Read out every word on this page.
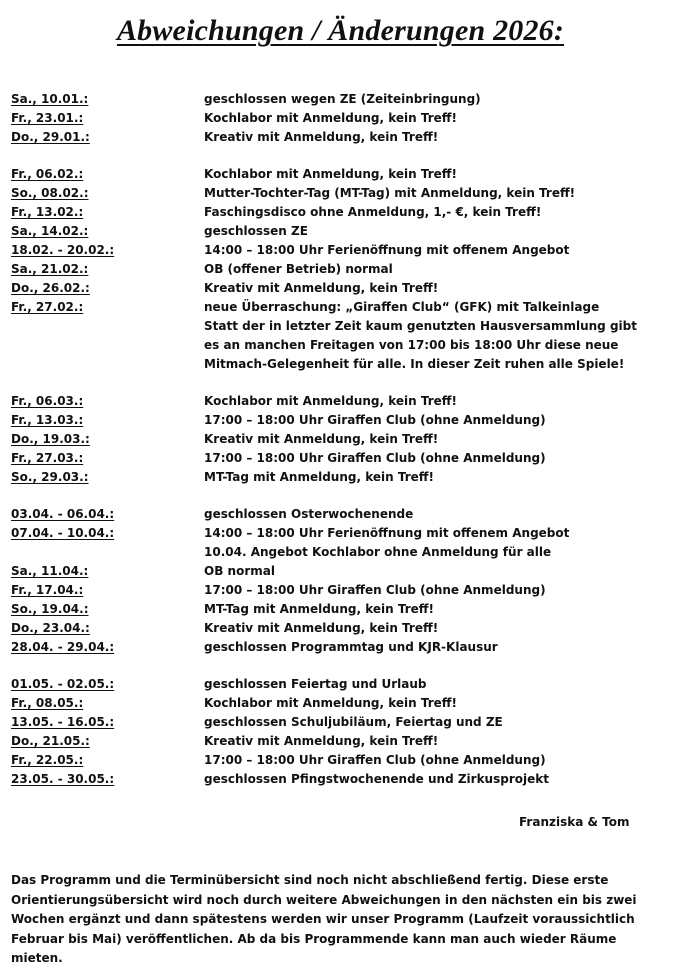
Abweichungen / Änderungen 2026:
Sa., 10.01.:	geschlossen wegen ZE (Zeiteinbringung)
Fr., 23.01.:	Kochlabor mit Anmeldung, kein Treff!
Do., 29.01.:	Kreativ mit Anmeldung, kein Treff!
Fr., 06.02.:	Kochlabor mit Anmeldung, kein Treff!
So., 08.02.:	Mutter-Tochter-Tag (MT-Tag) mit Anmeldung, kein Treff!
Fr., 13.02.:	Faschingsdisco ohne Anmeldung, 1,- €, kein Treff!
Sa., 14.02.:	geschlossen ZE
18.02. - 20.02.:	14:00 – 18:00 Uhr Ferienöffnung mit offenem Angebot
Sa., 21.02.:	OB (offener Betrieb) normal
Do., 26.02.:	Kreativ mit Anmeldung, kein Treff!
Fr., 27.02.:	neue Überraschung: „Giraffen Club“ (GFK) mit Talkeinlage
Statt der in letzter Zeit kaum genutzten Hausversammlung gibt
es an manchen Freitagen von 17:00 bis 18:00 Uhr diese neue
Mitmach-Gelegenheit für alle. In dieser Zeit ruhen alle Spiele!
Fr., 06.03.:	Kochlabor mit Anmeldung, kein Treff!
Fr., 13.03.:	17:00 – 18:00 Uhr Giraffen Club (ohne Anmeldung)
Do., 19.03.:	Kreativ mit Anmeldung, kein Treff!
Fr., 27.03.:	17:00 – 18:00 Uhr Giraffen Club (ohne Anmeldung)
So., 29.03.:	MT-Tag mit Anmeldung, kein Treff!
03.04. - 06.04.:	geschlossen Osterwochenende
07.04. - 10.04.:	14:00 – 18:00 Uhr Ferienöffnung mit offenem Angebot
10.04. Angebot Kochlabor ohne Anmeldung für alle
Sa., 11.04.:	OB normal
Fr., 17.04.:	17:00 – 18:00 Uhr Giraffen Club (ohne Anmeldung)
So., 19.04.:	MT-Tag mit Anmeldung, kein Treff!
Do., 23.04.:	Kreativ mit Anmeldung, kein Treff!
28.04. - 29.04.:	geschlossen Programmtag und KJR-Klausur
01.05. - 02.05.:	geschlossen Feiertag und Urlaub
Fr., 08.05.:	Kochlabor mit Anmeldung, kein Treff!
13.05. - 16.05.:	geschlossen Schuljubiläum, Feiertag und ZE
Do., 21.05.:	Kreativ mit Anmeldung, kein Treff!
Fr., 22.05.:	17:00 – 18:00 Uhr Giraffen Club (ohne Anmeldung)
23.05. - 30.05.:	geschlossen Pfingstwochenende und Zirkusprojekt
Franziska & Tom
Das Programm und die Terminübersicht sind noch nicht abschließend fertig. Diese erste
Orientierungsübersicht wird noch durch weitere Abweichungen in den nächsten ein bis zwei
Wochen ergänzt und dann spätestens werden wir unser Programm (Laufzeit voraussichtlich
Februar bis Mai) veröffentlichen. Ab da bis Programmende kann man auch wieder Räume
mieten.
